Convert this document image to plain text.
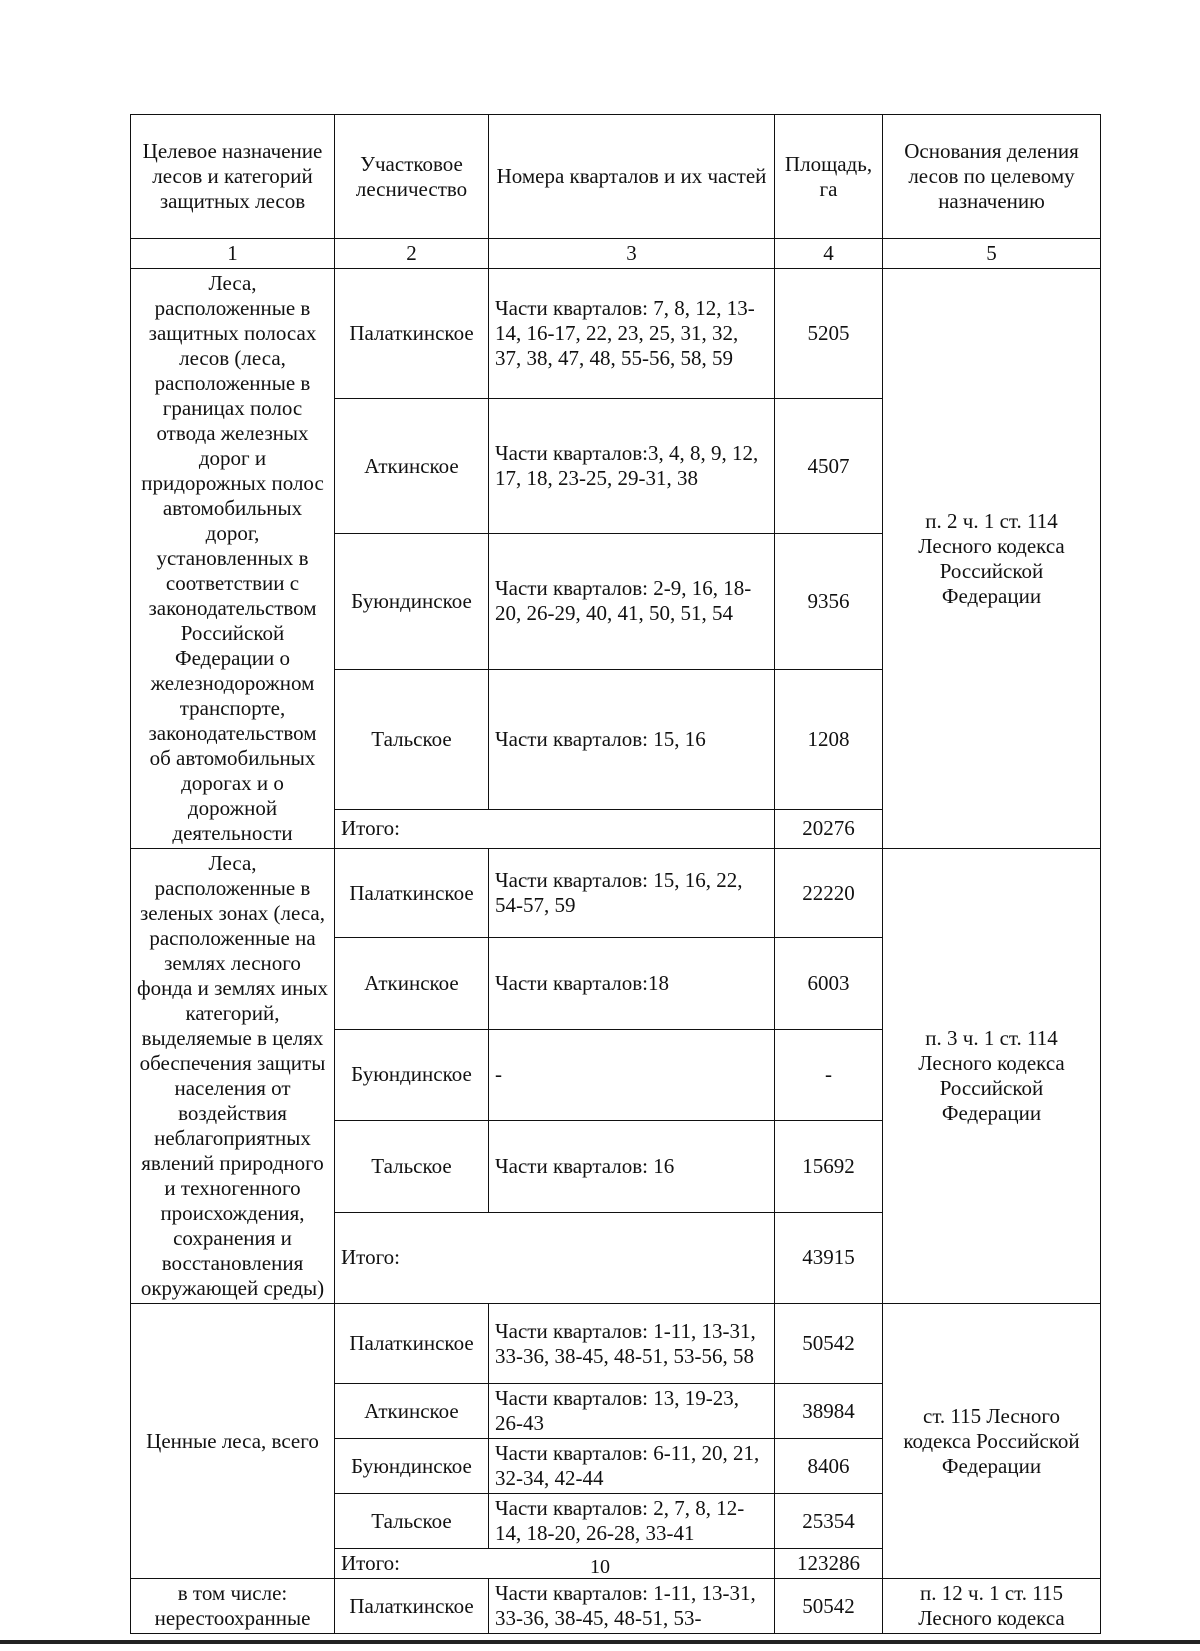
Целевое назначение лесов и категорий защитных лесов	Участковое лесничество	Номера кварталов и их частей	Площадь, га	Основания деления лесов по целевому назначению
1	2	3	4	5
Леса, расположенные в защитных полосах лесов (леса, расположенные в границах полос отвода железных дорог и придорожных полос автомобильных дорог, установленных в соответствии с законодательством Российской Федерации о железнодорожном транспорте, законодательством об автомобильных дорогах и о дорожной деятельности	Палаткинское	Части кварталов: 7, 8, 12, 13-14, 16-17, 22, 23, 25, 31, 32, 37, 38, 47, 48, 55-56, 58, 59	5205	п. 2 ч. 1 ст. 114 Лесного кодекса Российской Федерации
	Аткинское	Части кварталов:3, 4, 8, 9, 12, 17, 18, 23-25, 29-31, 38	4507	
	Буюндинское	Части кварталов: 2-9, 16, 18-20, 26-29, 40, 41, 50, 51, 54	9356	
	Тальское	Части кварталов: 15, 16	1208	
	Итого:		20276	
Леса, расположенные в зеленых зонах (леса, расположенные на землях лесного фонда и землях иных категорий, выделяемые в целях обеспечения защиты населения от воздействия неблагоприятных явлений природного и техногенного происхождения, сохранения и восстановления окружающей среды)	Палаткинское	Части кварталов: 15, 16, 22, 54-57, 59	22220	п. 3 ч. 1 ст. 114 Лесного кодекса Российской Федерации
	Аткинское	Части кварталов:18	6003	
	Буюндинское	-	-	
	Тальское	Части кварталов: 16	15692	
	Итого:		43915	
Ценные леса, всего	Палаткинское	Части кварталов: 1-11, 13-31, 33-36, 38-45, 48-51, 53-56, 58	50542	ст. 115 Лесного кодекса Российской Федерации
	Аткинское	Части кварталов: 13, 19-23, 26-43	38984	
	Буюндинское	Части кварталов: 6-11, 20, 21, 32-34, 42-44	8406	
	Тальское	Части кварталов: 2, 7, 8, 12-14, 18-20, 26-28, 33-41	25354	
	Итого:		123286	
в том числе: нерестоохранные	Палаткинское	Части кварталов: 1-11, 13-31, 33-36, 38-45, 48-51, 53-	50542	п. 12 ч. 1 ст. 115 Лесного кодекса
10
